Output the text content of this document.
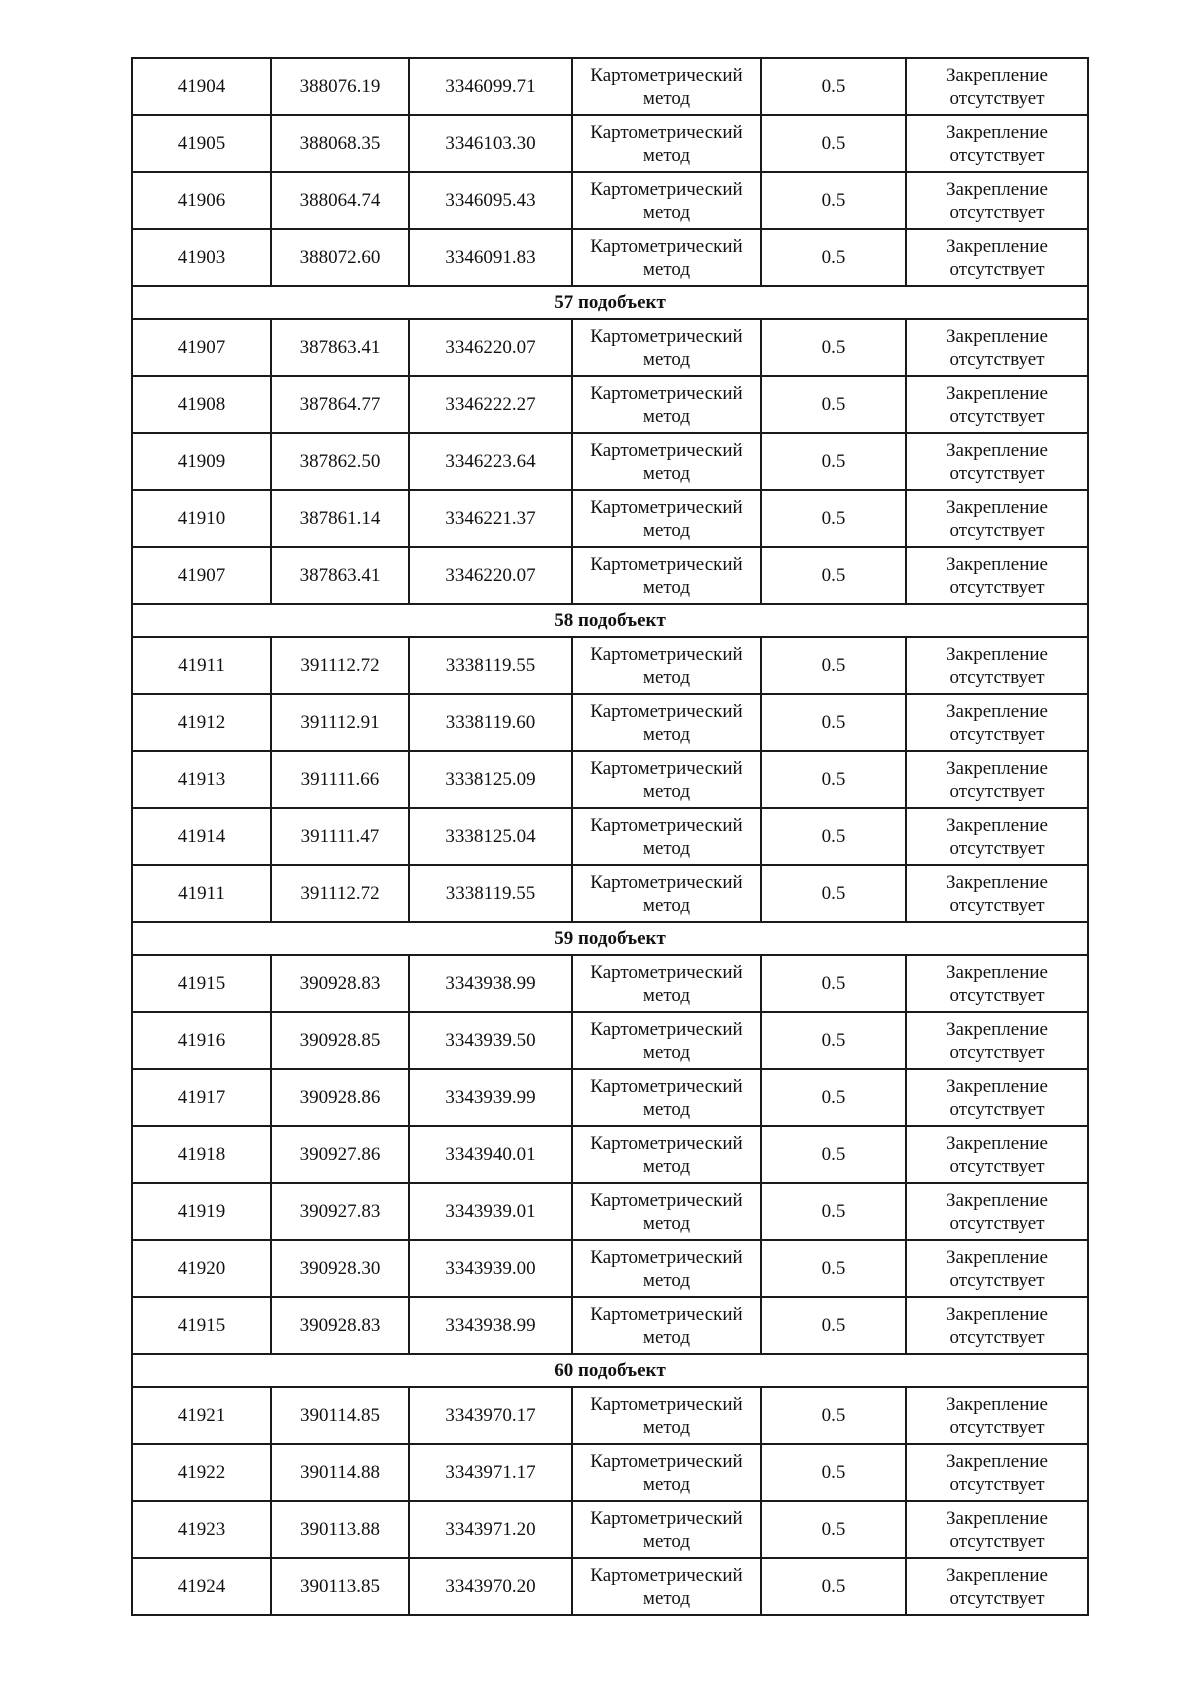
41904	388076.19	3346099.71	Картометрический метод	0.5	Закрепление отсутствует
41905	388068.35	3346103.30	Картометрический метод	0.5	Закрепление отсутствует
41906	388064.74	3346095.43	Картометрический метод	0.5	Закрепление отсутствует
41903	388072.60	3346091.83	Картометрический метод	0.5	Закрепление отсутствует
57 подобъект					
41907	387863.41	3346220.07	Картометрический метод	0.5	Закрепление отсутствует
41908	387864.77	3346222.27	Картометрический метод	0.5	Закрепление отсутствует
41909	387862.50	3346223.64	Картометрический метод	0.5	Закрепление отсутствует
41910	387861.14	3346221.37	Картометрический метод	0.5	Закрепление отсутствует
41907	387863.41	3346220.07	Картометрический метод	0.5	Закрепление отсутствует
58 подобъект					
41911	391112.72	3338119.55	Картометрический метод	0.5	Закрепление отсутствует
41912	391112.91	3338119.60	Картометрический метод	0.5	Закрепление отсутствует
41913	391111.66	3338125.09	Картометрический метод	0.5	Закрепление отсутствует
41914	391111.47	3338125.04	Картометрический метод	0.5	Закрепление отсутствует
41911	391112.72	3338119.55	Картометрический метод	0.5	Закрепление отсутствует
59 подобъект					
41915	390928.83	3343938.99	Картометрический метод	0.5	Закрепление отсутствует
41916	390928.85	3343939.50	Картометрический метод	0.5	Закрепление отсутствует
41917	390928.86	3343939.99	Картометрический метод	0.5	Закрепление отсутствует
41918	390927.86	3343940.01	Картометрический метод	0.5	Закрепление отсутствует
41919	390927.83	3343939.01	Картометрический метод	0.5	Закрепление отсутствует
41920	390928.30	3343939.00	Картометрический метод	0.5	Закрепление отсутствует
41915	390928.83	3343938.99	Картометрический метод	0.5	Закрепление отсутствует
60 подобъект					
41921	390114.85	3343970.17	Картометрический метод	0.5	Закрепление отсутствует
41922	390114.88	3343971.17	Картометрический метод	0.5	Закрепление отсутствует
41923	390113.88	3343971.20	Картометрический метод	0.5	Закрепление отсутствует
41924	390113.85	3343970.20	Картометрический метод	0.5	Закрепление отсутствует
